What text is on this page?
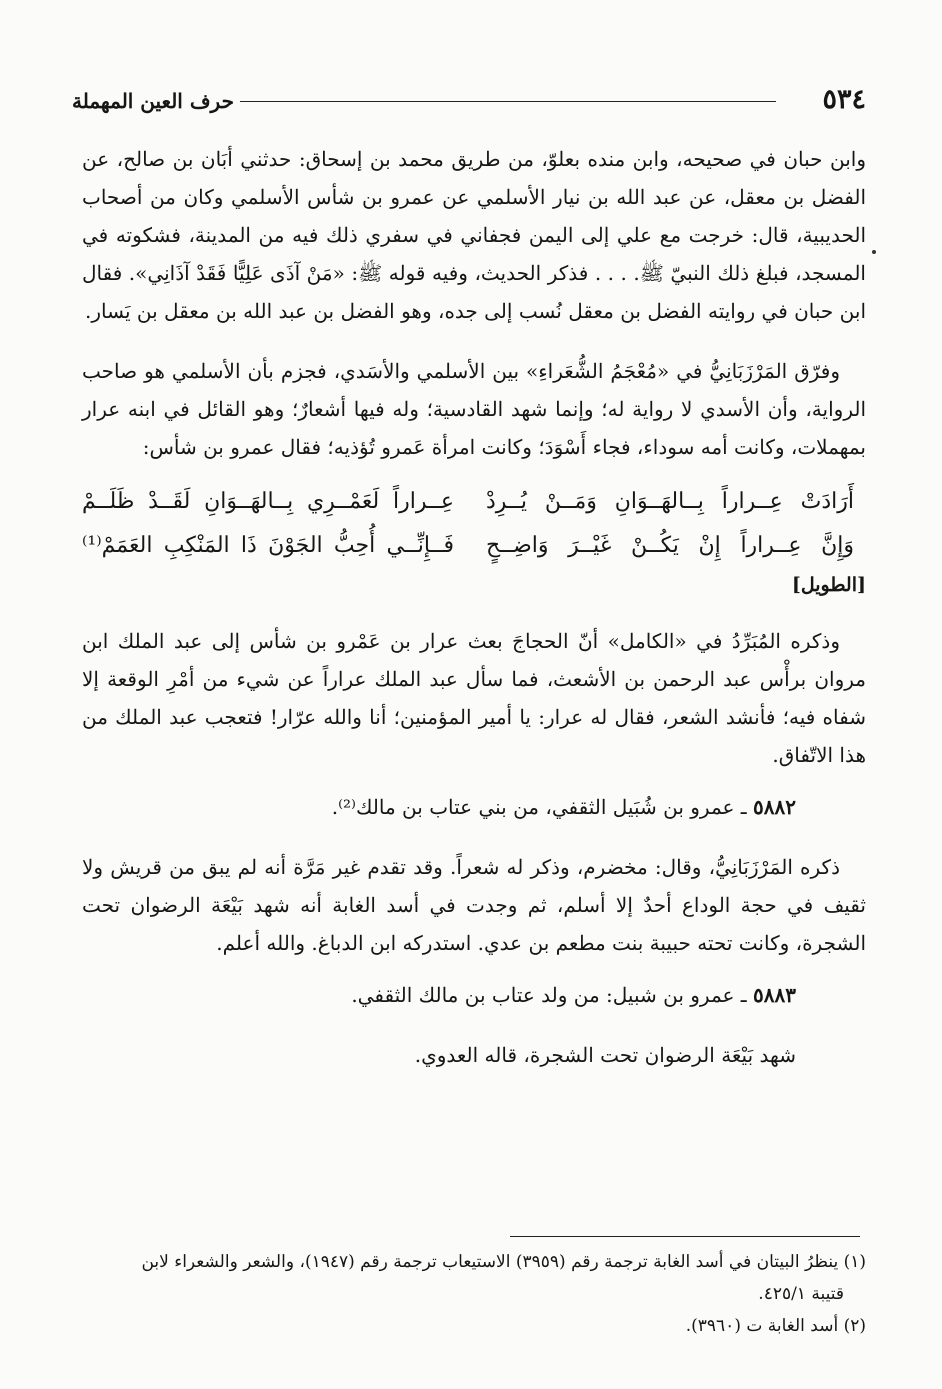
٥٣٤
حرف العين المهملة

وابن حبان في صحيحه، وابن منده بعلوّ، من طريق محمد بن إسحاق: حدثني أبَان بن صالح، عن الفضل بن معقل، عن عبد الله بن نيار الأسلمي عن عمرو بن شأس الأسلمي وكان من أصحاب الحديبية، قال: خرجت مع علي إلى اليمن فجفاني في سفري ذلك فيه من المدينة، فشكوته في المسجد، فبلغ ذلك النبيّ ﷺ. . . . فذكر الحديث، وفيه قوله ﷺ: «مَنْ آذَى عَلِيًّا فَقَدْ آذَانِي». فقال ابن حبان في روايته الفضل بن معقل نُسب إلى جده، وهو الفضل بن عبد الله بن معقل بن يَسار.

وفرّق المَرْزَبَانِيُّ في «مُعْجَمُ الشُّعَراءِ» بين الأسلمي والأسَدي، فجزم بأن الأسلمي هو صاحب الرواية، وأن الأسدي لا رواية له؛ وإنما شهد القادسية؛ وله فيها أشعارٌ؛ وهو القائل في ابنه عرار بمهملات، وكانت أمه سوداء، فجاء أَسْوَدَ؛ وكانت امرأة عَمرو تُؤذيه؛ فقال عمرو بن شأس:

أَرَادَتْ عِــراراً بِــالهَــوَانِ وَمَــنْ يُــرِدْ
عِــراراً لَعَمْــرِي بِــالهَــوَانِ لَقَــدْ ظَلَــمْ
وَإِنَّ عِــراراً إِنْ يَكُــنْ غَيْــرَ وَاضِــحٍ
فَــإِنِّــي أُحِبُّ الجَوْنَ ذَا المَنْكِبِ العَمَمْ⁽¹⁾
[الطويل]

وذكره المُبَرِّدُ في «الكامل» أنّ الحجاجَ بعث عرار بن عَمْرو بن شأس إلى عبد الملك ابن مروان برأْس عبد الرحمن بن الأشعث، فما سأل عبد الملك عراراً عن شيء من أمْرِ الوقعة إلا شفاه فيه؛ فأنشد الشعر، فقال له عرار: يا أمير المؤمنين؛ أنا والله عرّار! فتعجب عبد الملك من هذا الاتّفاق.

٥٨٨٢ ـ عمرو بن شُبَيل الثقفي، من بني عتاب بن مالك⁽²⁾.

ذكره المَرْزَبَانِيُّ، وقال: مخضرم، وذكر له شعراً. وقد تقدم غير مَرَّة أنه لم يبق من قريش ولا ثقيف في حجة الوداع أحدٌ إلا أسلم، ثم وجدت في أسد الغابة أنه شهد بَيْعَة الرضوان تحت الشجرة، وكانت تحته حبيبة بنت مطعم بن عدي. استدركه ابن الدباغ. والله أعلم.

٥٨٨٣ ـ عمرو بن شبيل: من ولد عتاب بن مالك الثقفي.

شهد بَيْعَة الرضوان تحت الشجرة، قاله العدوي.

(١) ينظرُ البيتان في أسد الغابة ترجمة رقم (٣٩٥٩) الاستيعاب ترجمة رقم (١٩٤٧)، والشعر والشعراء لابن

قتيبة ٤٢٥/١.

(٢) أسد الغابة ت (٣٩٦٠).
